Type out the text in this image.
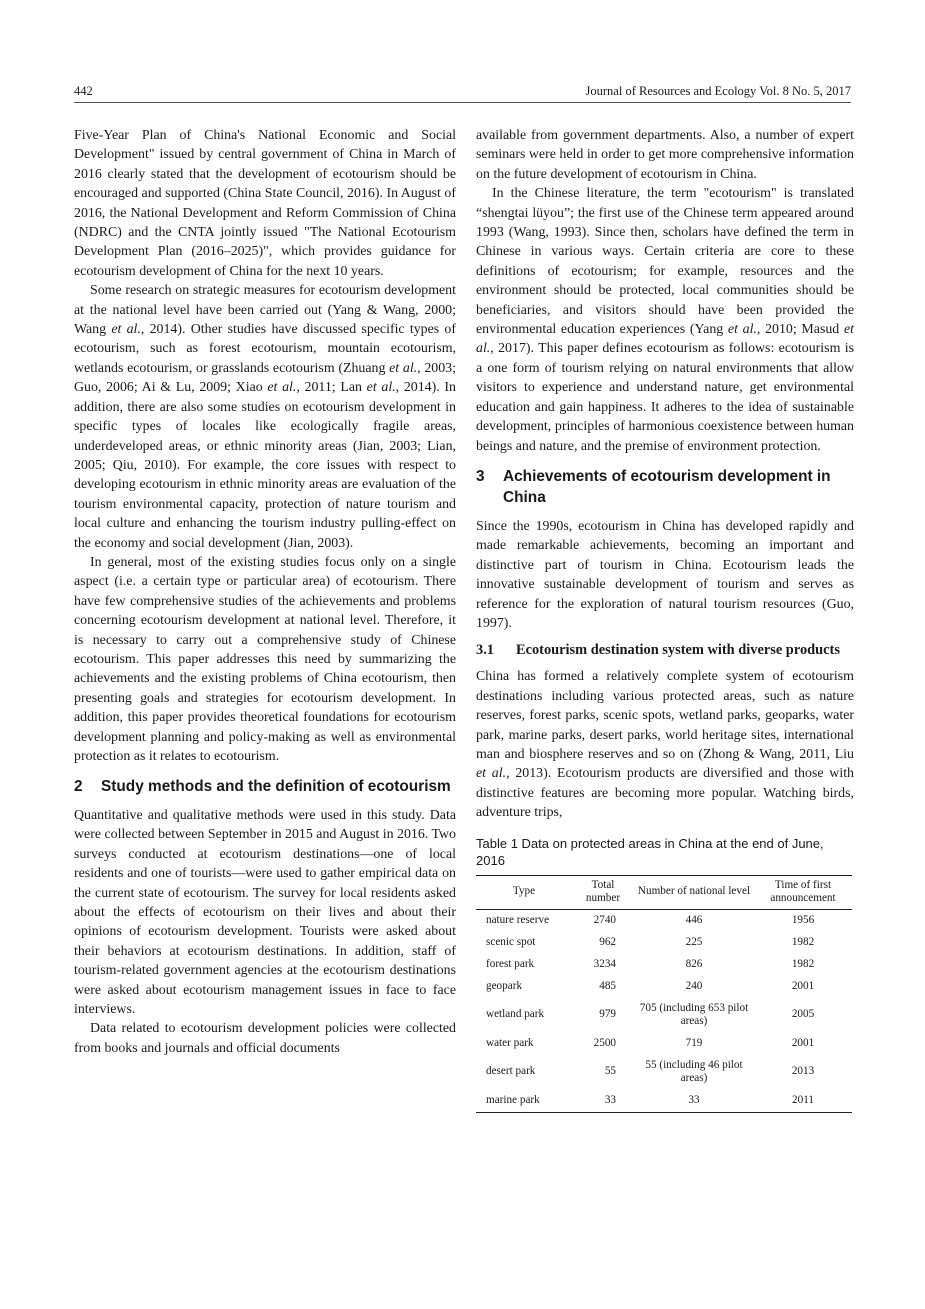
442	Journal of Resources and Ecology Vol. 8 No. 5, 2017

Five-Year Plan of China's National Economic and Social Development" issued by central government of China in March of 2016 clearly stated that the development of ecotourism should be encouraged and supported (China State Council, 2016). In August of 2016, the National Development and Reform Commission of China (NDRC) and the CNTA jointly issued "The National Ecotourism Development Plan (2016–2025)", which provides guidance for ecotourism development of China for the next 10 years.

Some research on strategic measures for ecotourism development at the national level have been carried out (Yang & Wang, 2000; Wang et al., 2014). Other studies have discussed specific types of ecotourism, such as forest ecotourism, mountain ecotourism, wetlands ecotourism, or grasslands ecotourism (Zhuang et al., 2003; Guo, 2006; Ai & Lu, 2009; Xiao et al., 2011; Lan et al., 2014). In addition, there are also some studies on ecotourism development in specific types of locales like ecologically fragile areas, underdeveloped areas, or ethnic minority areas (Jian, 2003; Lian, 2005; Qiu, 2010). For example, the core issues with respect to developing ecotourism in ethnic minority areas are evaluation of the tourism environmental capacity, protection of nature tourism and local culture and enhancing the tourism industry pulling-effect on the economy and social development (Jian, 2003).

In general, most of the existing studies focus only on a single aspect (i.e. a certain type or particular area) of ecotourism. There have few comprehensive studies of the achievements and problems concerning ecotourism development at national level. Therefore, it is necessary to carry out a comprehensive study of Chinese ecotourism. This paper addresses this need by summarizing the achievements and the existing problems of China ecotourism, then presenting goals and strategies for ecotourism development. In addition, this paper provides theoretical foundations for ecotourism development planning and policy-making as well as environmental protection as it relates to ecotourism.

2	Study methods and the definition of ecotourism

Quantitative and qualitative methods were used in this study. Data were collected between September in 2015 and August in 2016. Two surveys conducted at ecotourism destinations—one of local residents and one of tourists—were used to gather empirical data on the current state of ecotourism. The survey for local residents asked about the effects of ecotourism on their lives and about their opinions of ecotourism development. Tourists were asked about their behaviors at ecotourism destinations. In addition, staff of tourism-related government agencies at the ecotourism destinations were asked about ecotourism management issues in face to face interviews.

Data related to ecotourism development policies were collected from books and journals and official documents

available from government departments. Also, a number of expert seminars were held in order to get more comprehensive information on the future development of ecotourism in China.

In the Chinese literature, the term "ecotourism" is translated “shengtai lüyou”; the first use of the Chinese term appeared around 1993 (Wang, 1993). Since then, scholars have defined the term in Chinese in various ways. Certain criteria are core to these definitions of ecotourism; for example, resources and the environment should be protected, local communities should be beneficiaries, and visitors should have been provided the environmental education experiences (Yang et al., 2010; Masud et al., 2017). This paper defines ecotourism as follows: ecotourism is a one form of tourism relying on natural environments that allow visitors to experience and understand nature, get environmental education and gain happiness. It adheres to the idea of sustainable development, principles of harmonious coexistence between human beings and nature, and the premise of environment protection.

3	Achievements of ecotourism development in China

Since the 1990s, ecotourism in China has developed rapidly and made remarkable achievements, becoming an important and distinctive part of tourism in China. Ecotourism leads the innovative sustainable development of tourism and serves as reference for the exploration of natural tourism resources (Guo, 1997).

3.1	Ecotourism destination system with diverse products

China has formed a relatively complete system of ecotourism destinations including various protected areas, such as nature reserves, forest parks, scenic spots, wetland parks, geoparks, water park, marine parks, desert parks, world heritage sites, international man and biosphere reserves and so on (Zhong & Wang, 2011, Liu et al., 2013). Ecotourism products are diversified and those with distinctive features are becoming more popular. Watching birds, adventure trips,

Table 1 Data on protected areas in China at the end of June, 2016
Type	Total number	Number of national level	Time of first announcement
nature reserve	2740	446	1956
scenic spot	962	225	1982
forest park	3234	826	1982
geopark	485	240	2001
wetland park	979	705 (including 653 pilot areas)	2005
water park	2500	719	2001
desert park	55	55 (including 46 pilot areas)	2013
marine park	33	33	2011
